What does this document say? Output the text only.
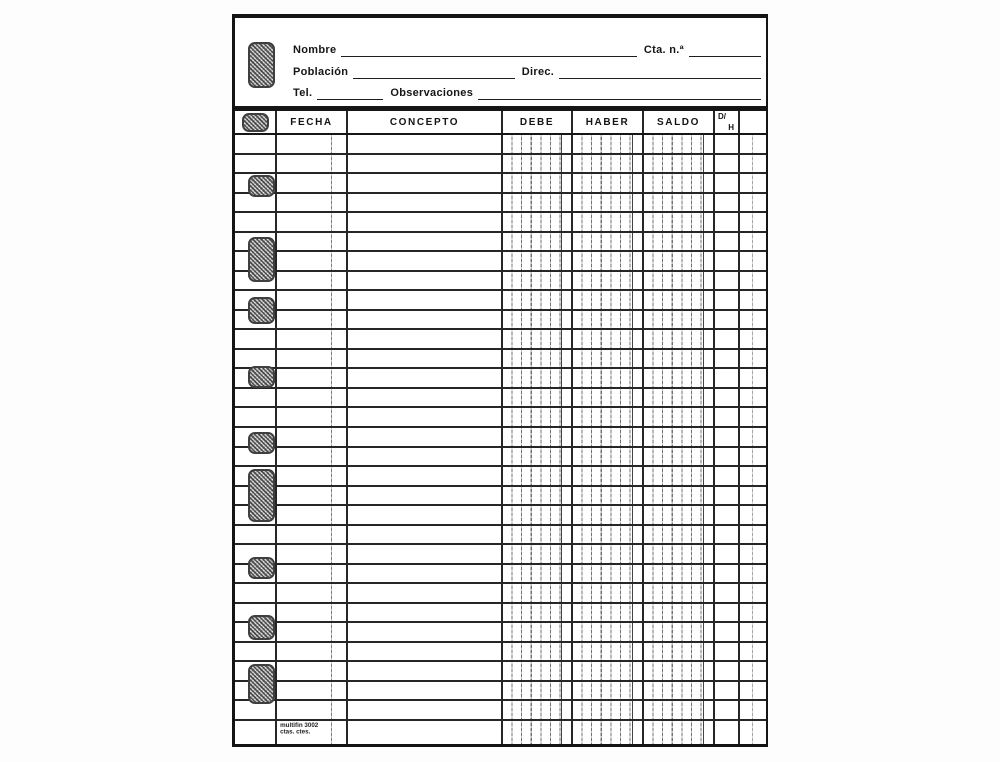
Nombre	Cta. n.ª
Población	Direc.
Tel.	Observaciones
FECHA	CONCEPTO	DEBE	HABER	SALDO	D/
H
multifin 3002
ctas. ctes.
